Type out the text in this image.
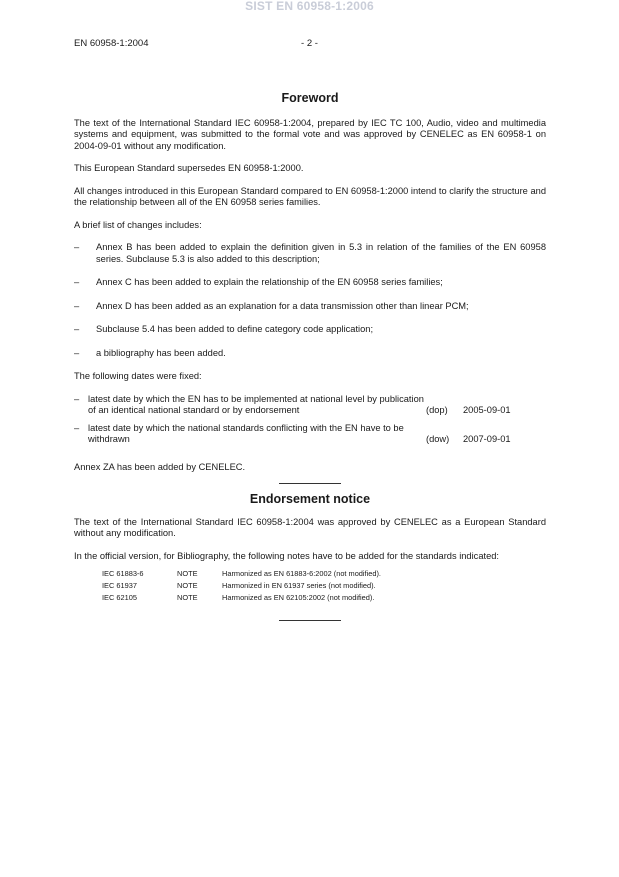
SIST EN 60958-1:2006
EN 60958-1:2004	- 2 -
Foreword

The text of the International Standard IEC 60958-1:2004, prepared by IEC TC 100, Audio, video and multimedia systems and equipment, was submitted to the formal vote and was approved by CENELEC as EN 60958-1 on 2004-09-01 without any modification.

This European Standard supersedes EN 60958-1:2000.

All changes introduced in this European Standard compared to EN 60958-1:2000 intend to clarify the structure and the relationship between all of the EN 60958 series families.

A brief list of changes includes:

– Annex B has been added to explain the definition given in 5.3 in relation of the families of the EN 60958 series. Subclause 5.3 is also added to this description;
– Annex C has been added to explain the relationship of the EN 60958 series families;
– Annex D has been added as an explanation for a data transmission other than linear PCM;
– Subclause 5.4 has been added to define category code application;
– a bibliography has been added.

The following dates were fixed:

– latest date by which the EN has to be implemented at national level by publication of an identical national standard or by endorsement	(dop) 2005-09-01
– latest date by which the national standards conflicting with the EN have to be withdrawn	(dow) 2007-09-01

Annex ZA has been added by CENELEC.

Endorsement notice

The text of the International Standard IEC 60958-1:2004 was approved by CENELEC as a European Standard without any modification.

In the official version, for Bibliography, the following notes have to be added for the standards indicated:

IEC 61883-6	NOTE	Harmonized as EN 61883-6:2002 (not modified).
IEC 61937	NOTE	Harmonized in EN 61937 series (not modified).
IEC 62105	NOTE	Harmonized as EN 62105:2002 (not modified).
